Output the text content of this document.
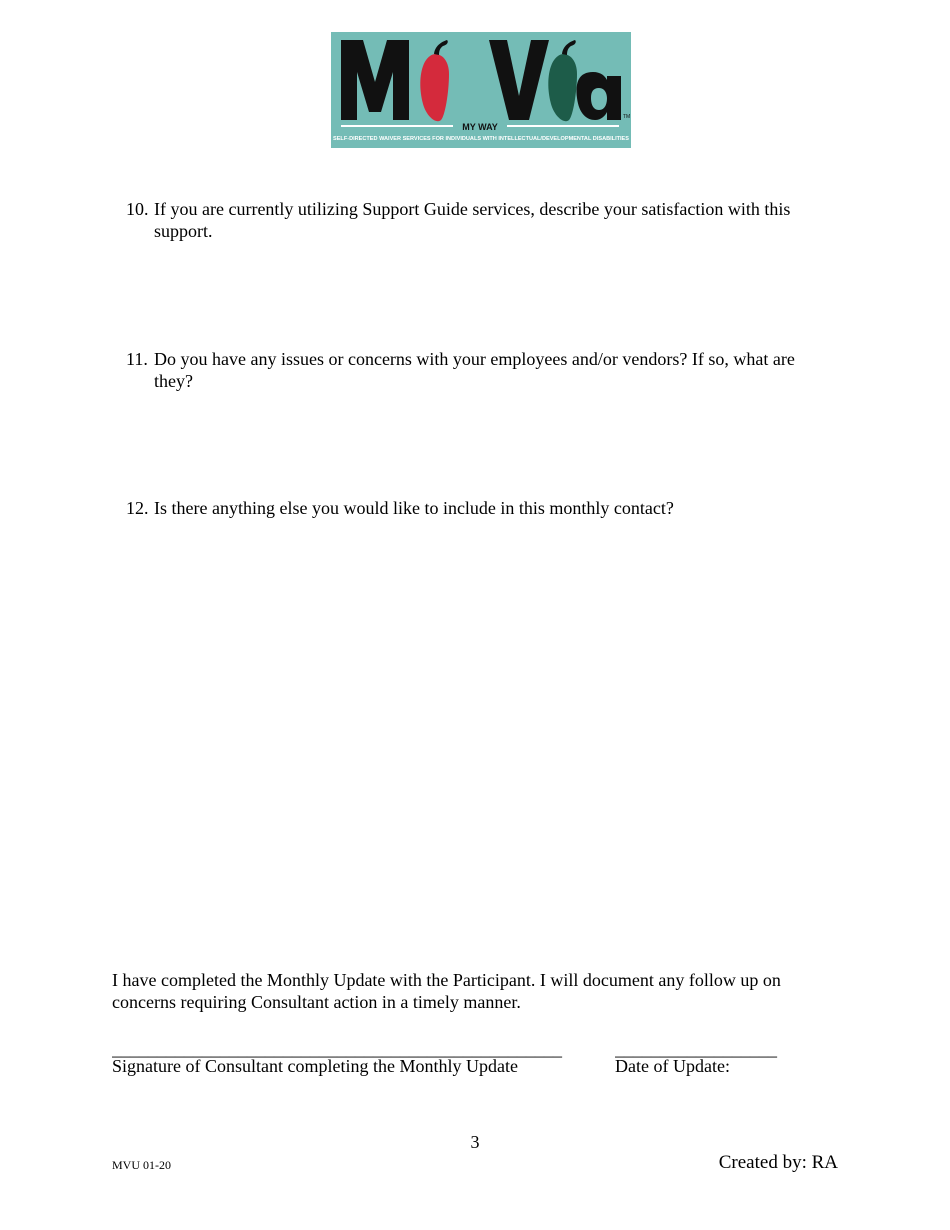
MY WAY
TM
SELF-DIRECTED WAIVER SERVICES FOR INDIVIDUALS WITH INTELLECTUAL/DEVELOPMENTAL DISABILITIES
10. If you are currently utilizing Support Guide services, describe your satisfaction with this support.
11. Do you have any issues or concerns with your employees and/or vendors? If so, what are they?
12. Is there anything else you would like to include in this monthly contact?
I have completed the Monthly Update with the Participant. I will document any follow up on concerns requiring Consultant action in a timely manner.
__________________________________________________	__________________
Signature of Consultant completing the Monthly Update	Date of Update:
3
MVU 01-20	Created by: RA
